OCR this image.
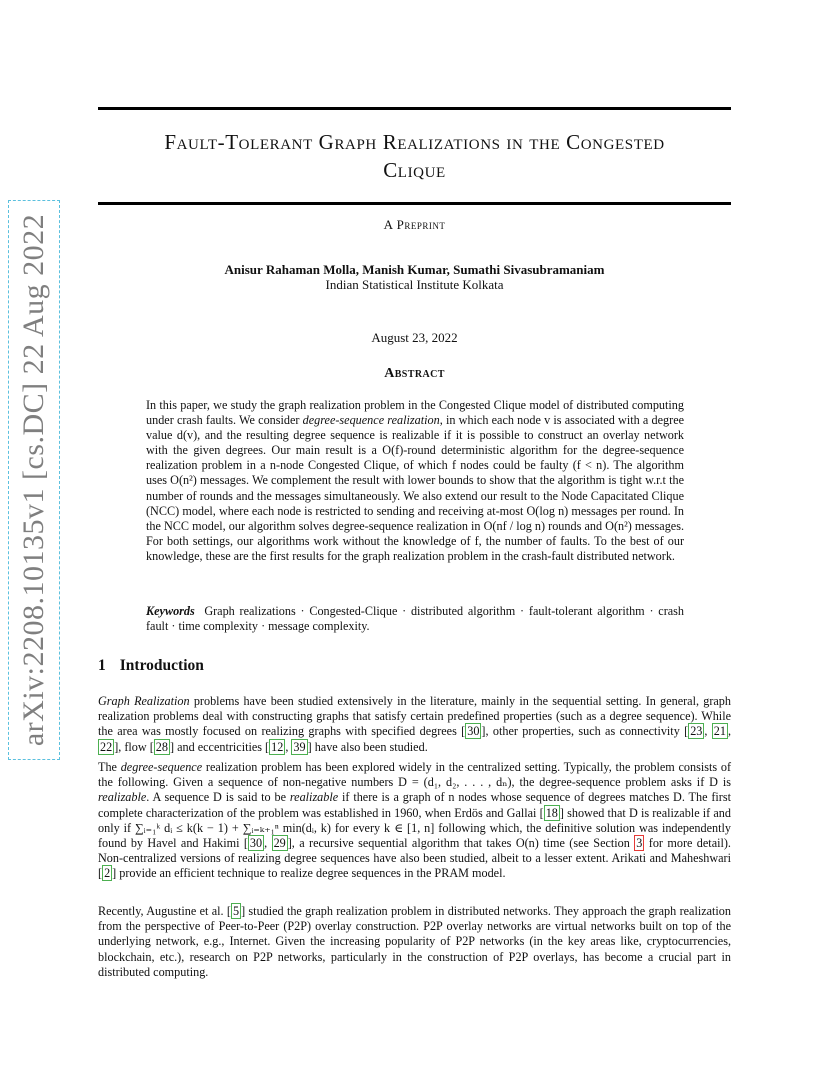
arXiv:2208.10135v1 [cs.DC] 22 Aug 2022
Fault-Tolerant Graph Realizations in the Congested
Clique
A Preprint
Anisur Rahaman Molla, Manish Kumar, Sumathi Sivasubramaniam
Indian Statistical Institute Kolkata
August 23, 2022
Abstract

In this paper, we study the graph realization problem in the Congested Clique model of distributed computing under crash faults. We consider degree-sequence realization, in which each node v is associated with a degree value d(v), and the resulting degree sequence is realizable if it is possible to construct an overlay network with the given degrees. Our main result is a O(f)-round deterministic algorithm for the degree-sequence realization problem in a n-node Congested Clique, of which f nodes could be faulty (f < n). The algorithm uses O(n²) messages. We complement the result with lower bounds to show that the algorithm is tight w.r.t the number of rounds and the messages simultaneously. We also extend our result to the Node Capacitated Clique (NCC) model, where each node is restricted to sending and receiving at-most O(log n) messages per round. In the NCC model, our algorithm solves degree-sequence realization in O(nf / log n) rounds and O(n²) messages. For both settings, our algorithms work without the knowledge of f, the number of faults. To the best of our knowledge, these are the first results for the graph realization problem in the crash-fault distributed network.

Keywords Graph realizations · Congested-Clique · distributed algorithm · fault-tolerant algorithm · crash fault · time complexity · message complexity.

1 Introduction

Graph Realization problems have been studied extensively in the literature, mainly in the sequential setting. In general, graph realization problems deal with constructing graphs that satisfy certain predefined properties (such as a degree sequence). While the area was mostly focused on realizing graphs with specified degrees [ 30 ], other properties, such as connectivity [ 23 , 21 , 22 ], flow [ 28 ] and eccentricities [ 12 , 39 ] have also been studied.

The degree-sequence realization problem has been explored widely in the centralized setting. Typically, the problem consists of the following. Given a sequence of non-negative numbers D = (d₁, d₂, . . . , dₙ), the degree-sequence problem asks if D is realizable. A sequence D is said to be realizable if there is a graph of n nodes whose sequence of degrees matches D. The first complete characterization of the problem was established in 1960, when Erdös and Gallai [ 18 ] showed that D is realizable if and only if ∑ᵢ₌₁ᵏ dᵢ ≤ k(k − 1) + ∑ᵢ₌ₖ₊₁ⁿ min(dᵢ, k) for every k ∈ [1, n] following which, the definitive solution was independently found by Havel and Hakimi [ 30 , 29 ], a recursive sequential algorithm that takes O(n) time (see Section 3 for more detail). Non-centralized versions of realizing degree sequences have also been studied, albeit to a lesser extent. Arikati and Maheshwari [ 2 ] provide an efficient technique to realize degree sequences in the PRAM model.

Recently, Augustine et al. [ 5 ] studied the graph realization problem in distributed networks. They approach the graph realization from the perspective of Peer-to-Peer (P2P) overlay construction. P2P overlay networks are virtual networks built on top of the underlying network, e.g., Internet. Given the increasing popularity of P2P networks (in the key areas like, cryptocurrencies, blockchain, etc.), research on P2P networks, particularly in the construction of P2P overlays, has become a crucial part in distributed computing.
